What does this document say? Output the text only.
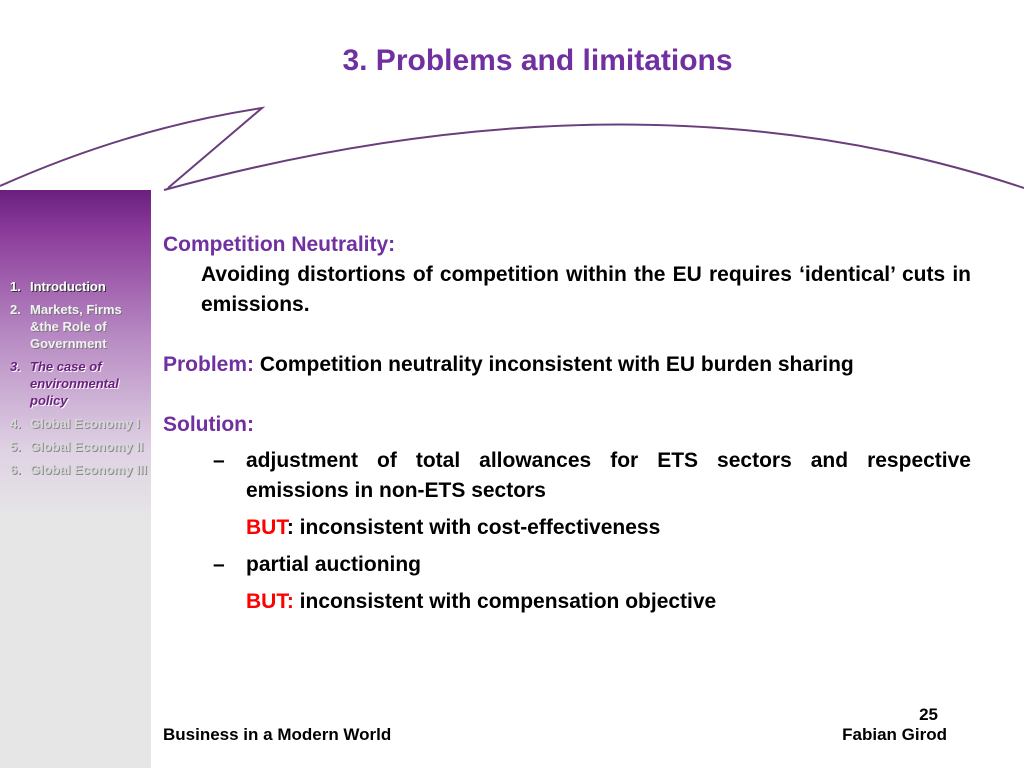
3. Problems and limitations
1. Introduction
2. Markets, Firms &the Role of Government
3. The case of environmental policy
4. Global Economy I
5. Global Economy II
6. Global Economy III
Competition Neutrality:
Avoiding distortions of competition within the EU requires ‘identical’ cuts in emissions.
Problem: Competition neutrality inconsistent with EU burden sharing
Solution:
– adjustment of total allowances for ETS sectors and respective emissions in non-ETS sectors
BUT: inconsistent with cost-effectiveness
– partial auctioning
BUT: inconsistent with compensation objective
25
Business in a Modern World	Fabian Girod
